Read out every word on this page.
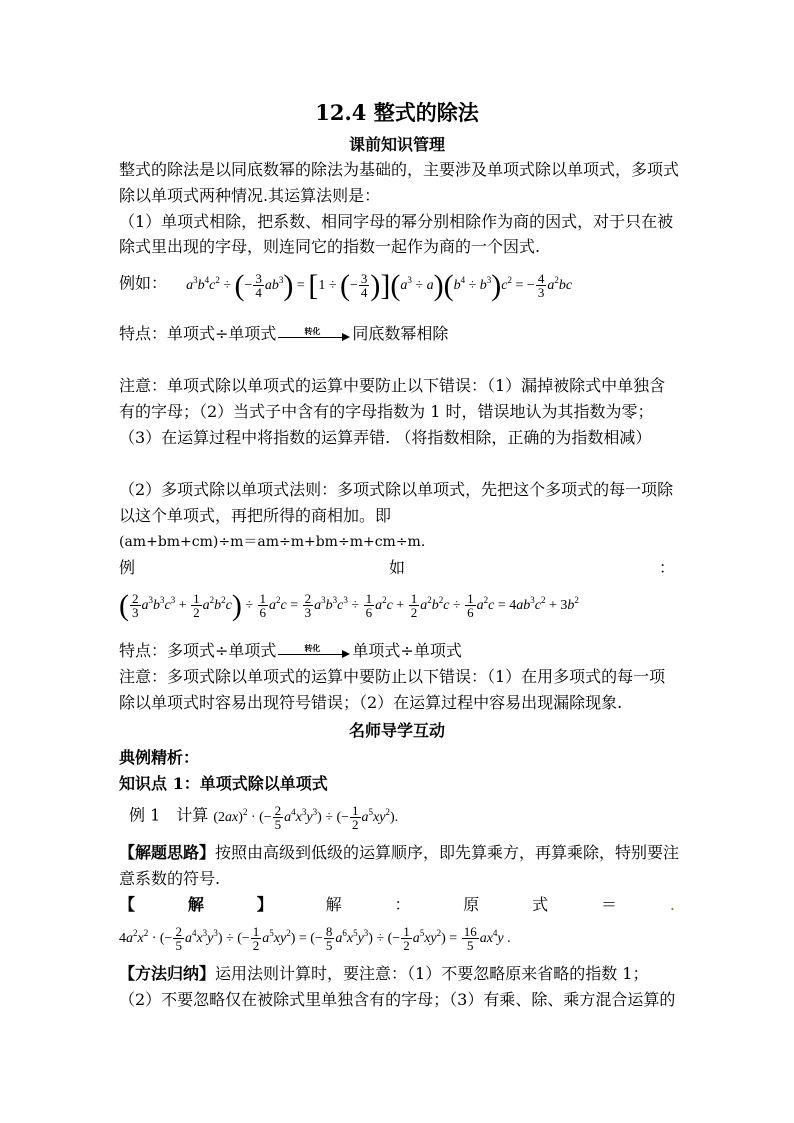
12.4 整式的除法
课前知识管理
整式的除法是以同底数幂的除法为基础的，主要涉及单项式除以单项式，多项式
除以单项式两种情况.其运算法则是：
（1）单项式相除，把系数、相同字母的幂分别相除作为商的因式，对于只在被
除式里出现的字母，则连同它的指数一起作为商的一个因式.
例如： $a^3b^4c^2$ ÷ (− $\frac{3}{4} ab^3) = [1$ ÷ (− $\frac{3}{4} )](a^3 \div a)(b^4 \div b^3)c^2$ = − $\frac{4}{3} a^2bc$
特点：单项式÷单项式	转化 同底数幂相除
注意：单项式除以单项式的运算中要防止以下错误：（1）漏掉被除式中单独含
有的字母；（2）当式子中含有的字母指数为 1 时，错误地认为其指数为零；
（3）在运算过程中将指数的运算弄错. （将指数相除，正确的为指数相减）
（2）多项式除以单项式法则：多项式除以单项式，先把这个多项式的每一项除
以这个单项式，再把所得的商相加。即
(am+bm+cm)÷m＝am÷m+bm÷m+cm÷m.
例	如	：
( $\frac{2}{3} a^3b^3c^3 + \frac{1}{2} a^2b^2c) \div \frac{1}{6} a^2c = \frac{2}{3} a^3b^3c^3 \div \frac{1}{6} a^2c + \frac{1}{2} a^2b^2c \div \frac{1}{6} a^2c = 4ab^3c^2 + 3b^2$
特点：多项式÷单项式	转化 单项式÷单项式
注意：多项式除以单项式的运算中要防止以下错误：（1）在用多项式的每一项
除以单项式时容易出现符号错误；（2）在运算过程中容易出现漏除现象.
名师导学互动
典例精析：
知识点 1：单项式除以单项式
例 1　计算 $(2ax)^2$ · (− $\frac{2}{5} a^4x^3y^3$) ÷ (− $\frac{1}{2} a^5xy^2$).
【解题思路】按照由高级到低级的运算顺序，即先算乘方，再算乘除，特别要注
意系数的符号.
【	解	】	解	：	原	式	＝	.
$4a^2x^2$ · (− $\frac{2}{5} a^4x^3y^3$) ÷ (− $\frac{1}{2} a^5xy^2$) = (− $\frac{8}{5} a^6x^5y^3$) ÷ (− $\frac{1}{2} a^5xy^2) = \frac{16}{5} ax^4y$ .
【方法归纳】运用法则计算时，要注意：（1）不要忽略原来省略的指数 1；
（2）不要忽略仅在被除式里单独含有的字母；（3）有乘、除、乘方混合运算的
